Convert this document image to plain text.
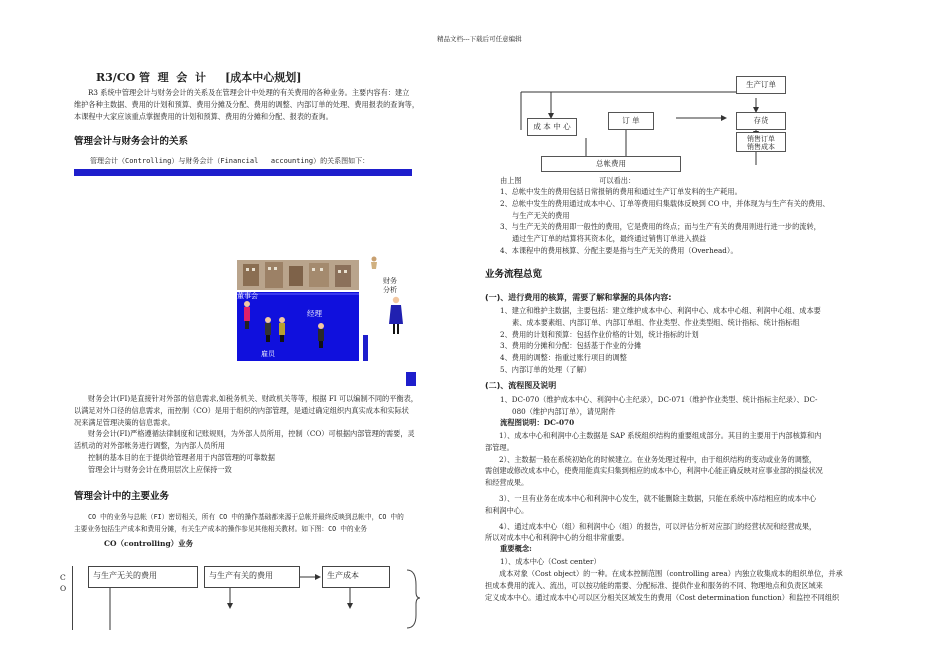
精品文档---下载后可任意编辑
R3/CO 管  理  会  计     [成本中心规划]
R3 系统中管理会计与财务会计的关系及在管理会计中处理的有关费用的各种业务。主要内容有：建立
维护各种主数据、费用的计划和预算、费用分摊及分配、费用的调整、内部订单的处理、费用报表的查询等，
本课程中大家应该重点掌握费用的计划和预算、费用的分摊和分配、报表的查询。
管理会计与财务会计的关系
管理会计（Controlling）与财务会计（Financial   accounting）的关系图如下：
董事会
经理
雇员
财务
分析
财务会计(FI)是直接针对外部的信息需求,如税务机关、财政机关等等，根据 FI 可以编制不同的平衡表，
以满足对外口径的信息需求，而控制（CO）是用于组织的内部管理，是通过确定组织内真实成本和实际状
况来满足管理决策的信息需求。
财务会计(FI)严格遵循法律制度和记账规则，为外部人员所用，控制（CO）可根据内部管理的需要，灵
活机动的对外部帐务进行调整，为内部人员所用
控制的基本目的在于提供给管理者用于内部管理的可靠数据
管理会计与财务会计在费用层次上应保持一致
管理会计中的主要业务
CO 中的业务与总帐（FI）密切相关，所有 CO 中的操作基础都来源于总帐并最终反映到总帐中，CO 中的
主要业务包括生产成本和费用分摊，有关生产成本的操作参见其他相关教材。如下图：CO 中的业务
CO（controlling）业务
C
O
与生产无关的费用	与生产有关的费用	生产成本
成 本 中 心
订 单
生产订单
存货
销售订单
销售成本
总帐费用
由上图                                  可以看出：
1、总帐中发生的费用包括日常报销的费用和通过生产订单发料的生产耗用。
2、总帐中发生的费用通过成本中心、订单等费用归集载体反映到 CO 中，并体现为与生产有关的费用、
与生产无关的费用
3、与生产无关的费用即一般性的费用，它是费用的终点；而与生产有关的费用则进行进一步的流转，
通过生产订单的结算将其资本化，最终通过销售订单进入损益
4、本课程中的费用核算、分配主要是指与生产无关的费用（Overhead）。
业务流程总览
(一)、进行费用的核算，需要了解和掌握的具体内容:
1、建立和维护主数据，主要包括：建立维护成本中心、利润中心、成本中心组、利润中心组、成本要
素、成本要素组、内部订单、内部订单组、作业类型、作业类型组、统计指标、统计指标组
2、费用的计划和预算：包括作业价格的计划，统计指标的计划
3、费用的分摊和分配：包括基于作业的分摊
4、费用的调整：指重过账行项目的调整
5、内部订单的处理（了解）
(二)、流程图及说明
1、DC-070（维护成本中心、利润中心主纪录），DC-071（维护作业类型、统计指标主纪录）、DC-
080（维护内部订单），请见附件
流程图说明：DC-070
1）、成本中心和利润中心主数据是 SAP 系统组织结构的重要组成部分。其目的主要用于内部核算和内
部管理。
2）、主数据一般在系统初始化的时候建立。在业务处理过程中，由于组织结构的变动或业务的调整，
需创建或修改成本中心，使费用能真实归集到相应的成本中心，利润中心能正确反映对应事业部的损益状况
和经营成果。
3）、一旦有业务在成本中心和利润中心发生，就不能删除主数据，只能在系统中冻结相应的成本中心
和利润中心。
4）、通过成本中心（组）和利润中心（组）的报告，可以评估分析对应部门的经营状况和经营成果，
所以对成本中心和利润中心的分组非常重要。
重要概念:
1）、成本中心（Cost center）
成本对象（Cost object）的一种。在成本控制范围（controlling area）内独立收集成本的组织单位，并承
担成本费用的流入、流出，可以按功能的需要、分配标准、提供作业和服务的不同、物理地点和负责区域来
定义成本中心。通过成本中心可以区分相关区域发生的费用（Cost determination function）和监控不同组织
